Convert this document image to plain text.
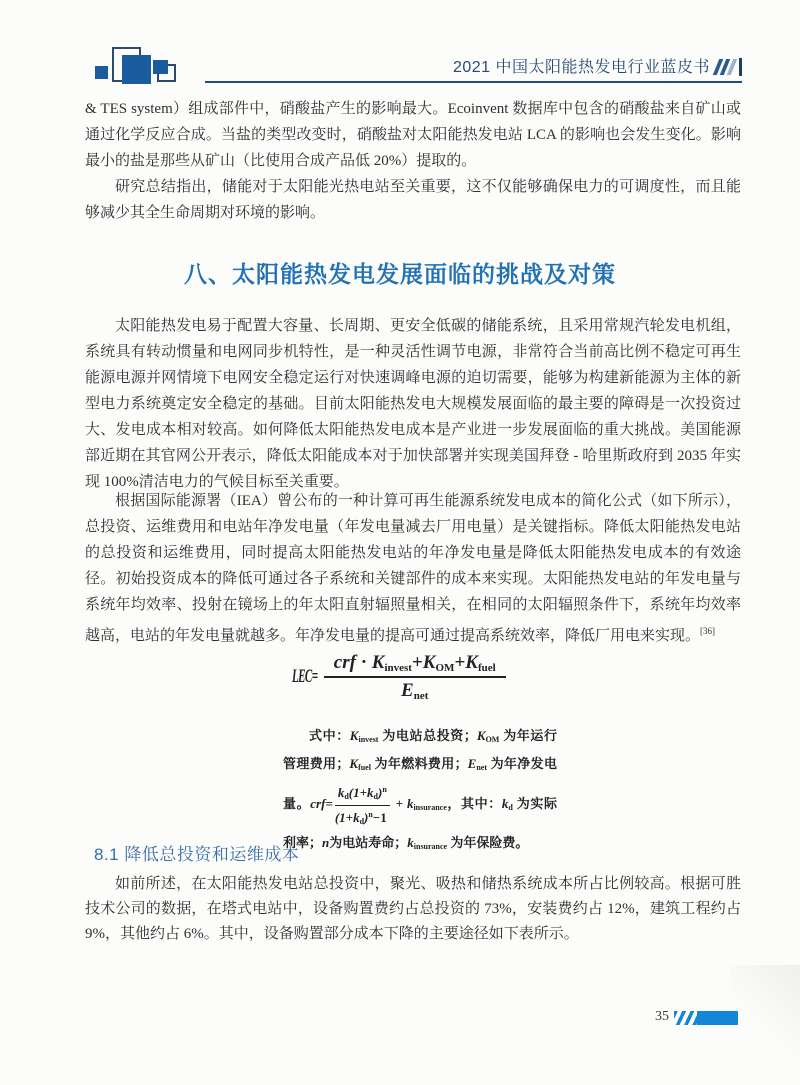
2021 中国太阳能热发电行业蓝皮书

& TES system）组成部件中，硝酸盐产生的影响最大。Ecoinvent 数据库中包含的硝酸盐来自矿山或通过化学反应合成。当盐的类型改变时，硝酸盐对太阳能热发电站 LCA 的影响也会发生变化。影响最小的盐是那些从矿山（比使用合成产品低 20%）提取的。

研究总结指出，储能对于太阳能光热电站至关重要，这不仅能够确保电力的可调度性，而且能够减少其全生命周期对环境的影响。

八、太阳能热发电发展面临的挑战及对策

太阳能热发电易于配置大容量、长周期、更安全低碳的储能系统，且采用常规汽轮发电机组，系统具有转动惯量和电网同步机特性，是一种灵活性调节电源，非常符合当前高比例不稳定可再生能源电源并网情境下电网安全稳定运行对快速调峰电源的迫切需要，能够为构建新能源为主体的新型电力系统奠定安全稳定的基础。目前太阳能热发电大规模发展面临的最主要的障碍是一次投资过大、发电成本相对较高。如何降低太阳能热发电成本是产业进一步发展面临的重大挑战。美国能源部近期在其官网公开表示，降低太阳能成本对于加快部署并实现美国拜登 - 哈里斯政府到 2035 年实现 100%清洁电力的气候目标至关重要。

根据国际能源署（IEA）曾公布的一种计算可再生能源系统发电成本的简化公式（如下所示），总投资、运维费用和电站年净发电量（年发电量减去厂用电量）是关键指标。降低太阳能热发电站的总投资和运维费用，同时提高太阳能热发电站的年净发电量是降低太阳能热发电成本的有效途径。初始投资成本的降低可通过各子系统和关键部件的成本来实现。太阳能热发电站的年发电量与系统年均效率、投射在镜场上的年太阳直射辐照量相关，在相同的太阳辐照条件下，系统年均效率越高，电站的年发电量就越多。年净发电量的提高可通过提高系统效率，降低厂用电来实现。[36]

$LEC= \frac{crf \cdot K_{invest}+K_{OM}+K_{fuel}}{E_{net}}$

式中：$K_{invest}$ 为电站总投资；$K_{OM}$ 为年运行管理费用；$K_{fuel}$ 为年燃料费用；$E_{net}$ 为年净发电量。$crf= \frac{k_d(1+k_d)^n}{(1+k_d)^n-1} + k_{insurance}$，其中：$k_d$ 为实际利率；n为电站寿命；$k_{insurance}$ 为年保险费。

8.1 降低总投资和运维成本

如前所述，在太阳能热发电站总投资中，聚光、吸热和储热系统成本所占比例较高。根据可胜技术公司的数据，在塔式电站中，设备购置费约占总投资的 73%，安装费约占 12%，建筑工程约占 9%，其他约占 6%。其中，设备购置部分成本下降的主要途径如下表所示。

35
